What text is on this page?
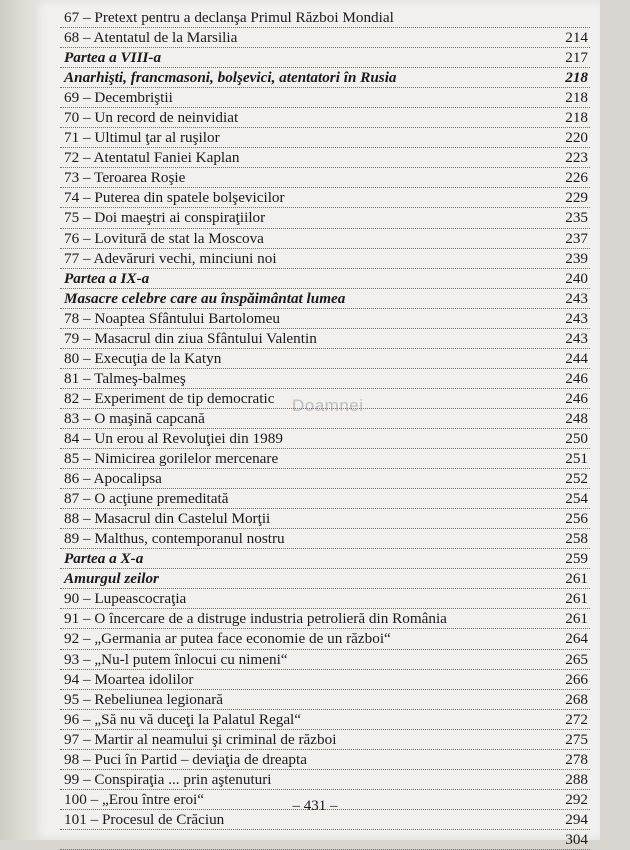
67 – Pretext pentru a declanşa Primul Război Mondial
68 – Atentatul de la Marsilia	214
Partea a VIII-a	217
Anarhişti, francmasoni, bolşevici, atentatori în Rusia	218
69 – Decembriştii	218
70 – Un record de neinvidiat	218
71 – Ultimul ţar al ruşilor	220
72 – Atentatul Faniei Kaplan	223
73 – Teroarea Roşie	226
74 – Puterea din spatele bolşevicilor	229
75 – Doi maeştri ai conspiraţiilor	235
76 – Lovitură de stat la Moscova	237
77 – Adevăruri vechi, minciuni noi	239
Partea a IX-a	240
Masacre celebre care au înspăimântat lumea	243
78 – Noaptea Sfântului Bartolomeu	243
79 – Masacrul din ziua Sfântului Valentin	243
80 – Execuţia de la Katyn	244
81 – Talmeş-balmeş	246
82 – Experiment de tip democratic	246
83 – O maşină capcană	248
84 – Un erou al Revoluţiei din 1989	250
85 – Nimicirea gorilelor mercenare	251
86 – Apocalipsa	252
87 – O acţiune premeditată	254
88 – Masacrul din Castelul Morţii	256
89 – Malthus, contemporanul nostru	258
Partea a X-a	259
Amurgul zeilor	261
90 – Lupeascocraţia	261
91 – O încercare de a distruge industria petrolieră din România	261
92 – „Germania ar putea face economie de un război“	264
93 – „Nu-l putem înlocui cu nimeni“	265
94 – Moartea idolilor	266
95 – Rebeliunea legionară	268
96 – „Să nu vă duceţi la Palatul Regal“	272
97 – Martir al neamului şi criminal de război	275
98 – Puci în Partid – deviaţia de dreapta	278
99 – Conspiraţia ... prin aştenuturi	288
100 – „Erou între eroi“	292
101 – Procesul de Crăciun	294
304
Doamnei
– 431 –
